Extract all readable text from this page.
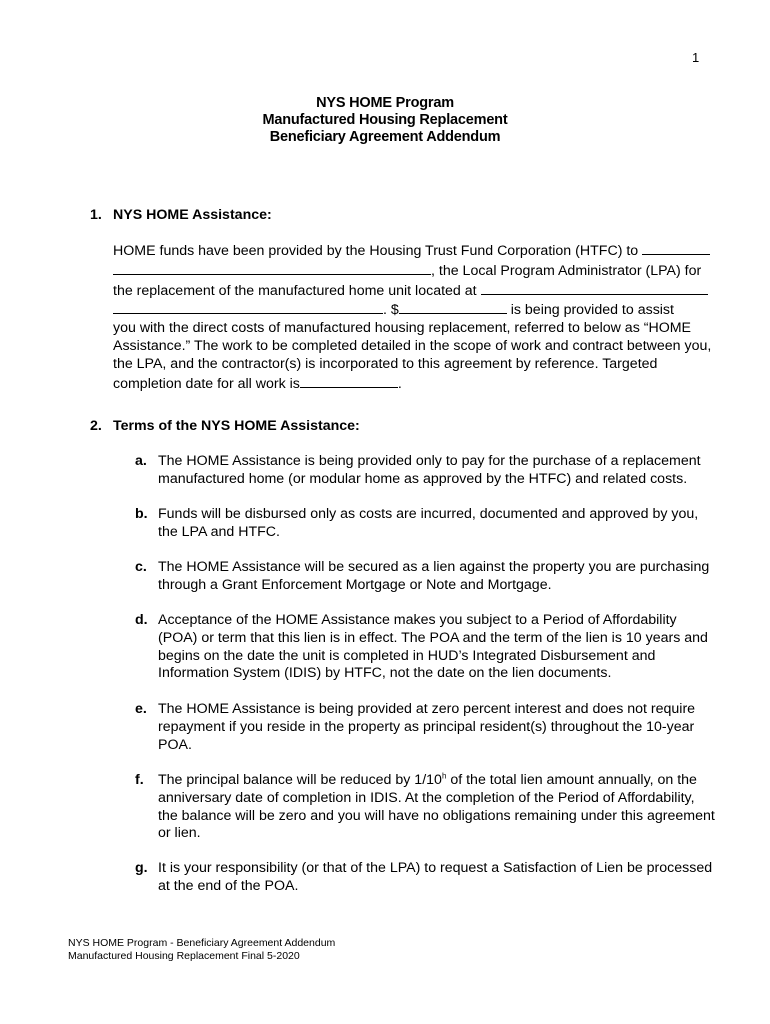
1
NYS HOME Program
Manufactured Housing Replacement
Beneficiary Agreement Addendum
1. NYS HOME Assistance:
HOME funds have been provided by the Housing Trust Fund Corporation (HTFC) to
, the Local Program Administrator (LPA) for
the replacement of the manufactured home unit located at
. $	is being provided to assist
you with the direct costs of manufactured housing replacement, referred to below as “HOME
Assistance.” The work to be completed detailed in the scope of work and contract between you,
the LPA, and the contractor(s) is incorporated to this agreement by reference. Targeted
completion date for all work is	.
2. Terms of the NYS HOME Assistance:
a. The HOME Assistance is being provided only to pay for the purchase of a replacement
manufactured home (or modular home as approved by the HTFC) and related costs.
b. Funds will be disbursed only as costs are incurred, documented and approved by you,
the LPA and HTFC.
c. The HOME Assistance will be secured as a lien against the property you are purchasing
through a Grant Enforcement Mortgage or Note and Mortgage.
d. Acceptance of the HOME Assistance makes you subject to a Period of Affordability
(POA) or term that this lien is in effect. The POA and the term of the lien is 10 years and
begins on the date the unit is completed in HUD’s Integrated Disbursement and
Information System (IDIS) by HTFC, not the date on the lien documents.
e. The HOME Assistance is being provided at zero percent interest and does not require
repayment if you reside in the property as principal resident(s) throughout the 10-year
POA.
f. The principal balance will be reduced by 1/10$^h$ of the total lien amount annually, on the
anniversary date of completion in IDIS. At the completion of the Period of Affordability,
the balance will be zero and you will have no obligations remaining under this agreement
or lien.
g. It is your responsibility (or that of the LPA) to request a Satisfaction of Lien be processed
at the end of the POA.
NYS HOME Program - Beneficiary Agreement Addendum
Manufactured Housing Replacement Final 5-2020
